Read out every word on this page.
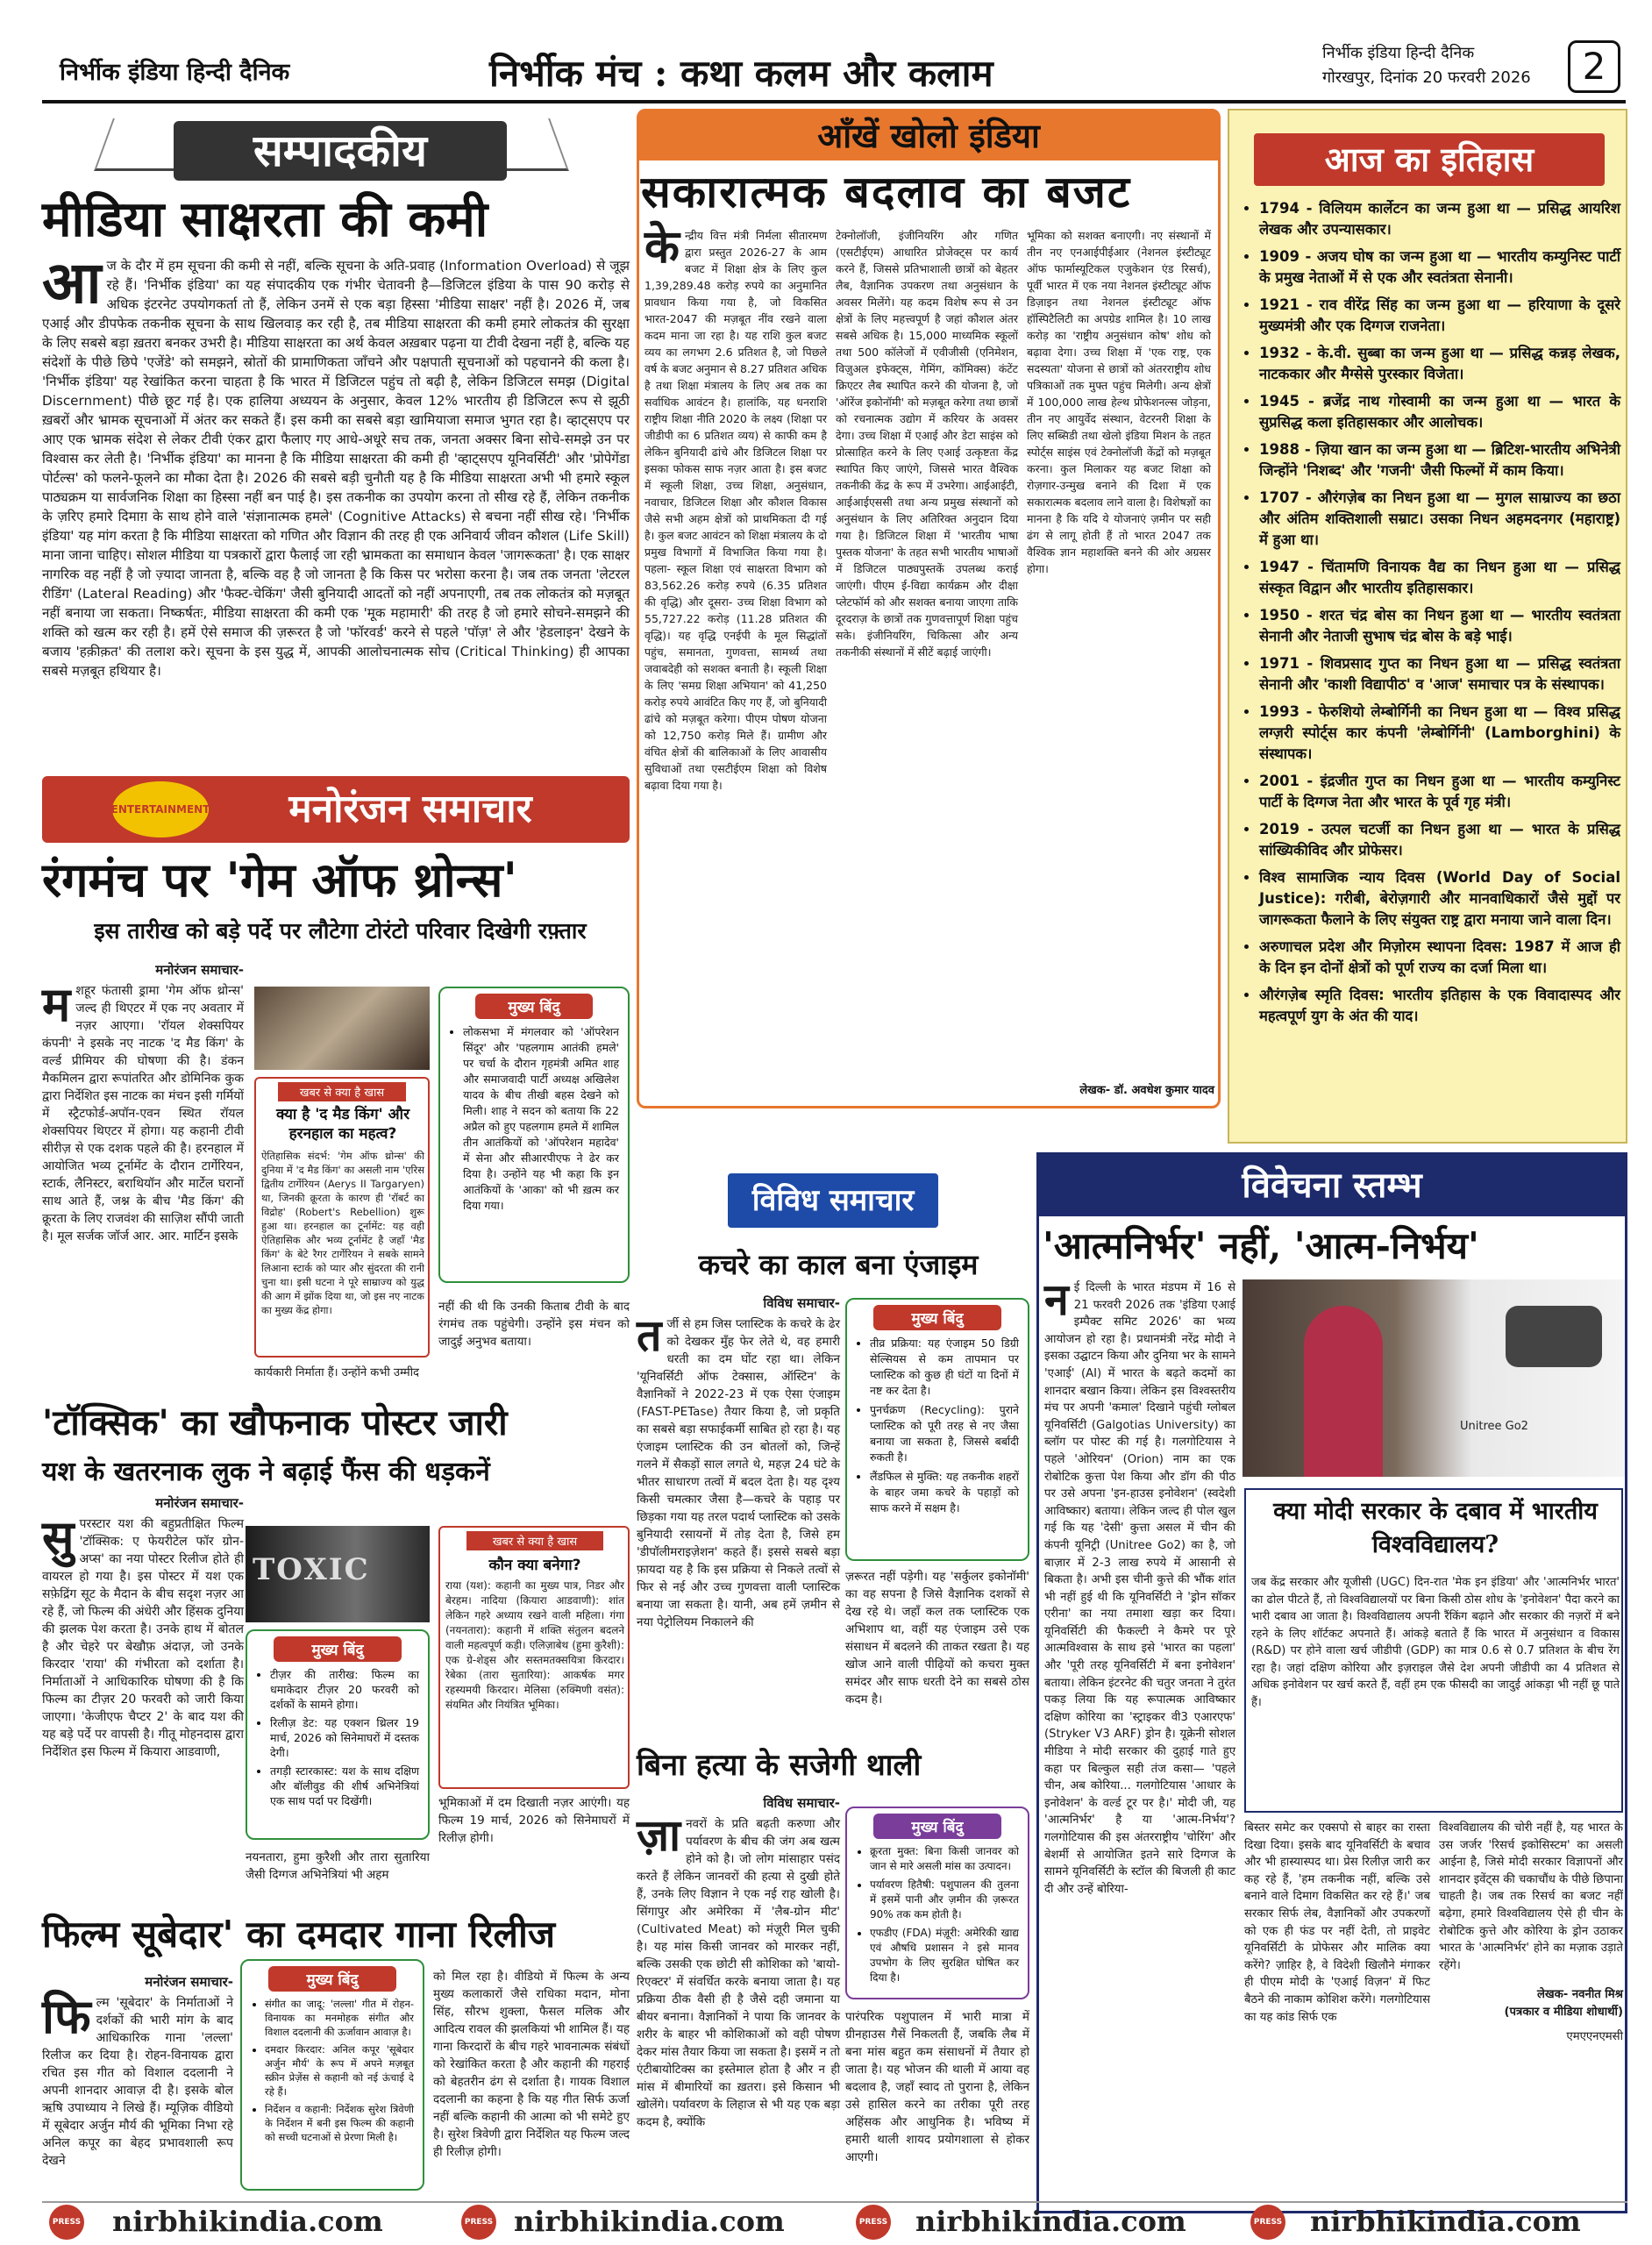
निर्भीक इंडिया हिन्दी दैनिक	निर्भीक मंच : कथा कलम और कलाम	निर्भीक इंडिया हिन्दी दैनिक
गोरखपुर, दिनांक 20 फरवरी 2026	2
सम्पादकीय
मीडिया साक्षरता की कमी
आज के दौर में हम सूचना की कमी से नहीं, बल्कि सूचना के अति-प्रवाह (Information Overload) से जूझ रहे हैं। 'निर्भीक इंडिया' का यह संपादकीय एक गंभीर चेतावनी है—डिजिटल इंडिया के पास 90 करोड़ से अधिक इंटरनेट उपयोगकर्ता तो हैं, लेकिन उनमें से एक बड़ा हिस्सा 'मीडिया साक्षर' नहीं है। 2026 में, जब एआई और डीपफेक तकनीक सूचना के साथ खिलवाड़ कर रही है, तब मीडिया साक्षरता की कमी हमारे लोकतंत्र की सुरक्षा के लिए सबसे बड़ा ख़तरा बनकर उभरी है। मीडिया साक्षरता का अर्थ केवल अख़बार पढ़ना या टीवी देखना नहीं है, बल्कि यह संदेशों के पीछे छिपे 'एजेंडे' को समझने, स्रोतों की प्रामाणिकता जाँचने और पक्षपाती सूचनाओं को पहचानने की कला है। 'निर्भीक इंडिया' यह रेखांकित करना चाहता है कि भारत में डिजिटल पहुंच तो बढ़ी है, लेकिन डिजिटल समझ (Digital Discernment) पीछे छूट गई है। एक हालिया अध्ययन के अनुसार, केवल 12% भारतीय ही डिजिटल रूप से झूठी ख़बरों और भ्रामक सूचनाओं में अंतर कर सकते हैं। इस कमी का सबसे बड़ा खामियाजा समाज भुगत रहा है। व्हाट्सएप पर आए एक भ्रामक संदेश से लेकर टीवी एंकर द्वारा फैलाए गए आधे-अधूरे सच तक, जनता अक्सर बिना सोचे-समझे उन पर विश्वास कर लेती है। 'निर्भीक इंडिया' का मानना है कि मीडिया साक्षरता की कमी ही 'व्हाट्सएप यूनिवर्सिटी' और 'प्रोपेगेंडा पोर्टल्स' को फलने-फूलने का मौका देता है। 2026 की सबसे बड़ी चुनौती यह है कि मीडिया साक्षरता अभी भी हमारे स्कूल पाठ्यक्रम या सार्वजनिक शिक्षा का हिस्सा नहीं बन पाई है। इस तकनीक का उपयोग करना तो सीख रहे हैं, लेकिन तकनीक के ज़रिए हमारे दिमाग़ के साथ होने वाले 'संज्ञानात्मक हमले' (Cognitive Attacks) से बचना नहीं सीख रहे। 'निर्भीक इंडिया' यह मांग करता है कि मीडिया साक्षरता को गणित और विज्ञान की तरह ही एक अनिवार्य जीवन कौशल (Life Skill) माना जाना चाहिए। सोशल मीडिया या पत्रकारों द्वारा फैलाई जा रही भ्रामकता का समाधान केवल 'जागरूकता' है। एक साक्षर नागरिक वह नहीं है जो ज़्यादा जानता है, बल्कि वह है जो जानता है कि किस पर भरोसा करना है। जब तक जनता 'लेटरल रीडिंग' (Lateral Reading) और 'फैक्ट-चेकिंग' जैसी बुनियादी आदतों को नहीं अपनाएगी, तब तक लोकतंत्र को मज़बूत नहीं बनाया जा सकता। निष्कर्षतः, मीडिया साक्षरता की कमी एक 'मूक महामारी' की तरह है जो हमारे सोचने-समझने की शक्ति को खत्म कर रही है। हमें ऐसे समाज की ज़रूरत है जो 'फॉरवर्ड' करने से पहले 'पॉज़' ले और 'हेडलाइन' देखने के बजाय 'हक़ीक़त' की तलाश करे। सूचना के इस युद्ध में, आपकी आलोचनात्मक सोच (Critical Thinking) ही आपका सबसे मज़बूत हथियार है।
ENTERTAINMENT	मनोरंजन समाचार
रंगमंच पर 'गेम ऑफ थ्रोन्स'
इस तारीख को बड़े पर्दे पर लौटेगा टोरंटो परिवार दिखेगी रफ़्तार
मनोरंजन समाचार-
म शहूर फंतासी ड्रामा 'गेम ऑफ थ्रोन्स' जल्द ही थिएटर में एक नए अवतार में नज़र आएगा। 'रॉयल शेक्सपियर कंपनी' ने इसके नए नाटक 'द मैड किंग' के वर्ल्ड प्रीमियर की घोषणा की है। डंकन मैकमिलन द्वारा रूपांतरित और डोमिनिक कुक द्वारा निर्देशित इस नाटक का मंचन इसी गर्मियों में स्ट्रैटफोर्ड-अपॉन-एवन स्थित रॉयल शेक्सपियर थिएटर में होगा। यह कहानी टीवी सीरीज़ से एक दशक पहले की है। हरनहाल में आयोजित भव्य टूर्नामेंट के दौरान टार्गेरियन, स्टार्क, लैनिस्टर, बराथियॉन और मार्टेल घरानों साथ आते हैं, जश्न के बीच 'मैड किंग' की क्रूरता के लिए राजवंश की साज़िश सौंपी जाती है। मूल सर्जक जॉर्ज आर. आर. मार्टिन इसके
खबर से क्या है खास
क्या है 'द मैड किंग' और हरनहाल का महत्व?
ऐतिहासिक संदर्भ: 'गेम ऑफ थ्रोन्स' की दुनिया में 'द मैड किंग' का असली नाम 'एरिस द्वितीय टार्गेरियन (Aerys II Targaryen) था, जिनकी क्रूरता के कारण ही 'रॉबर्ट का विद्रोह' (Robert's Rebellion) शुरू हुआ था। हरनहाल का टूर्नामेंट: यह वही ऐतिहासिक और भव्य टूर्नामेंट है जहाँ 'मैड किंग' के बेटे रैगर टार्गेरियन ने सबके सामने लिआना स्टार्क को प्यार और सुंदरता की रानी चुना था। इसी घटना ने पूरे साम्राज्य को युद्ध की आग में झोंक दिया था, जो इस नए नाटक का मुख्य केंद्र होगा।
मुख्य बिंदु
• लोकसभा में मंगलवार को 'ऑपरेशन सिंदूर' और 'पहलगाम आतंकी हमले' पर चर्चा के दौरान गृहमंत्री अमित शाह और समाजवादी पार्टी अध्यक्ष अखिलेश यादव के बीच तीखी बहस देखने को मिली। शाह ने सदन को बताया कि 22 अप्रैल को हुए पहलगाम हमले में शामिल तीन आतंकियों को 'ऑपरेशन महादेव' में सेना और सीआरपीएफ ने ढेर कर दिया है। उन्होंने यह भी कहा कि इन आतंकियों के 'आका' को भी ख़त्म कर दिया गया।
नहीं की थी कि उनकी किताब टीवी के बाद रंगमंच तक पहुंचेगी। उन्होंने इस मंचन को जादुई अनुभव बताया।
कार्यकारी निर्माता हैं। उन्होंने कभी उम्मीद
'टॉक्सिक' का खौफनाक पोस्टर जारी
यश के खतरनाक लुक ने बढ़ाई फैंस की धड़कनें
मनोरंजन समाचार-
सु परस्टार यश की बहुप्रतीक्षित फिल्म 'टॉक्सिक: ए फेयरीटेल फॉर ग्रोन-अप्स' का नया पोस्टर रिलीज होते ही वायरल हो गया है। इस पोस्टर में यश एक सफ़ेद्रिंग सूट के मैदान के बीच सदृश नज़र आ रहे हैं, जो फिल्म की अंधेरी और हिंसक दुनिया की झलक पेश करता है। उनके हाथ में बोतल है और चेहरे पर बेखौफ़ अंदाज़, जो उनके किरदार 'राया' की गंभीरता को दर्शाता है। निर्माताओं ने आधिकारिक घोषणा की है कि फिल्म का टीज़र 20 फरवरी को जारी किया जाएगा। 'केजीएफ चैप्टर 2' के बाद यश की यह बड़े पर्दे पर वापसी है। गीतू मोहनदास द्वारा निर्देशित इस फिल्म में कियारा आडवाणी,
TOXIC
मुख्य बिंदु
• टीज़र की तारीख: फिल्म का धमाकेदार टीज़र 20 फरवरी को दर्शकों के सामने होगा।
• रिलीज़ डेट: यह एक्शन थ्रिलर 19 मार्च, 2026 को सिनेमाघरों में दस्तक देगी।
• तगड़ी स्टारकास्ट: यश के साथ दक्षिण और बॉलीवुड की शीर्ष अभिनेत्रियां एक साथ पर्दा पर दिखेंगी।
खबर से क्या है खास
कौन क्या बनेगा?
राया (यश): कहानी का मुख्य पात्र, निडर और बेरहम। नादिया (कियारा आडवाणी): शांत लेकिन गहरे अध्याय रखने वाली महिला। गंगा (नयनतारा): कहानी में शक्ति संतुलन बदलने वाली महत्वपूर्ण कड़ी। एलिज़ाबेथ (हुमा कुरैशी): एक ग्रे-शेड्स और सस्तमतक्सयित्रा किरदार। रेबेका (तारा सुतारिया): आकर्षक मगर रहस्यमयी किरदार। मेलिसा (रुक्मिणी वसंत): संयमित और नियंत्रित भूमिका।
नयनतारा, हुमा कुरैशी और तारा सुतारिया जैसी दिग्गज अभिनेत्रियां भी अहम
भूमिकाओं में दम दिखाती नज़र आएंगी। यह फिल्म 19 मार्च, 2026 को सिनेमाघरों में रिलीज़ होगी।
फिल्म सूबेदार' का दमदार गाना रिलीज
मनोरंजन समाचार-
फि ल्म 'सूबेदार' के निर्माताओं ने दर्शकों की भारी मांग के बाद आधिकारिक गाना 'लल्ला' रिलीज कर दिया है। रोहन-विनायक द्वारा रचित इस गीत को विशाल ददलानी ने अपनी शानदार आवाज़ दी है। इसके बोल ऋषि उपाध्याय ने लिखे हैं। म्यूज़िक वीडियो में सूबेदार अर्जुन मौर्य की भूमिका निभा रहे अनिल कपूर का बेहद प्रभावशाली रूप देखने
मुख्य बिंदु
• संगीत का जादू: 'लल्ला' गीत में रोहन-विनायक का मनमोहक संगीत और विशाल ददलानी की ऊर्जावान आवाज़ है।
• दमदार किरदार: अनिल कपूर 'सूबेदार अर्जुन मौर्य' के रूप में अपने मज़बूत स्क्रीन प्रेज़ेंस से कहानी को नई ऊंचाई दे रहे हैं।
• निर्देशन व कहानी: निर्देशक सुरेश त्रिवेणी के निर्देशन में बनी इस फिल्म की कहानी को सच्ची घटनाओं से प्रेरणा मिली है।
को मिल रहा है। वीडियो में फिल्म के अन्य मुख्य कलाकारों जैसे राधिका मदान, मोना सिंह, सौरभ शुक्ला, फैसल मलिक और आदित्य रावल की झलकियां भी शामिल हैं। यह गाना किरदारों के बीच गहरे भावनात्मक संबंधों को रेखांकित करता है और कहानी की गहराई को बेहतरीन ढंग से दर्शाता है। गायक विशाल ददलानी का कहना है कि यह गीत सिर्फ ऊर्जा नहीं बल्कि कहानी की आत्मा को भी समेटे हुए है। सुरेश त्रिवेणी द्वारा निर्देशित यह फिल्म जल्द ही रिलीज़ होगी।
आँखें खोलो इंडिया
सकारात्मक बदलाव का बजट
केन्द्रीय वित्त मंत्री निर्मला सीतारमण द्वारा प्रस्तुत 2026-27 के आम बजट में शिक्षा क्षेत्र के लिए कुल 1,39,289.48 करोड़ रुपये का अनुमानित प्रावधान किया गया है, जो विकसित भारत-2047 की मज़बूत नींव रखने वाला कदम माना जा रहा है। यह राशि कुल बजट व्यय का लगभग 2.6 प्रतिशत है, जो पिछले वर्ष के बजट अनुमान से 8.27 प्रतिशत अधिक है तथा शिक्षा मंत्रालय के लिए अब तक का सर्वाधिक आवंटन है। हालांकि, यह धनराशि राष्ट्रीय शिक्षा नीति 2020 के लक्ष्य (शिक्षा पर जीडीपी का 6 प्रतिशत व्यय) से काफी कम है लेकिन बुनियादी ढांचे और डिजिटल शिक्षा पर इसका फोकस साफ नज़र आता है। इस बजट में स्कूली शिक्षा, उच्च शिक्षा, अनुसंधान, नवाचार, डिजिटल शिक्षा और कौशल विकास जैसे सभी अहम क्षेत्रों को प्राथमिकता दी गई है। कुल बजट आवंटन को शिक्षा मंत्रालय के दो प्रमुख विभागों में विभाजित किया गया है। पहला- स्कूल शिक्षा एवं साक्षरता विभाग को 83,562.26 करोड़ रुपये (6.35 प्रतिशत की वृद्धि) और दूसरा- उच्च शिक्षा विभाग को 55,727.22 करोड़ (11.28 प्रतिशत की वृद्धि)। यह वृद्धि एनईपी के मूल सिद्धांतों पहुंच, समानता, गुणवत्ता, सामर्थ्य तथा जवाबदेही को सशक्त बनाती है। स्कूली शिक्षा के लिए 'समग्र शिक्षा अभियान' को 41,250 करोड़ रुपये आवंटित किए गए हैं, जो बुनियादी ढांचे को मज़बूत करेगा। पीएम पोषण योजना को 12,750 करोड़ मिले हैं। ग्रामीण और वंचित क्षेत्रों की बालिकाओं के लिए आवासीय सुविधाओं तथा एसटीईएम शिक्षा को विशेष बढ़ावा दिया गया है।
टेक्नोलॉजी, इंजीनियरिंग और गणित (एसटीईएम) आधारित प्रोजेक्ट्स पर कार्य करने हैं, जिससे प्रतिभाशाली छात्रों को बेहतर लैब, वैज्ञानिक उपकरण तथा अनुसंधान के अवसर मिलेंगे। यह कदम विशेष रूप से उन क्षेत्रों के लिए महत्त्वपूर्ण है जहां कौशल अंतर सबसे अधिक है। 15,000 माध्यमिक स्कूलों तथा 500 कॉलेजों में एवीजीसी (एनिमेशन, विज़ुअल इफेक्ट्स, गेमिंग, कॉमिक्स) कंटेंट क्रिएटर लैब स्थापित करने की योजना है, जो 'ऑरेंज इकोनॉमी' को मज़बूत करेगा तथा छात्रों को रचनात्मक उद्योग में करियर के अवसर देगा। उच्च शिक्षा में एआई और डेटा साइंस को प्रोत्साहित करने के लिए एआई उत्कृष्टता केंद्र स्थापित किए जाएंगे, जिससे भारत वैश्विक तकनीकी केंद्र के रूप में उभरेगा। आईआईटी, आईआईएससी तथा अन्य प्रमुख संस्थानों को अनुसंधान के लिए अतिरिक्त अनुदान दिया गया है। डिजिटल शिक्षा में 'भारतीय भाषा पुस्तक योजना' के तहत सभी भारतीय भाषाओं में डिजिटल पाठ्यपुस्तकें उपलब्ध कराई जाएंगी। पीएम ई-विद्या कार्यक्रम और दीक्षा प्लेटफॉर्म को और सशक्त बनाया जाएगा ताकि दूरदराज़ के छात्रों तक गुणवत्तापूर्ण शिक्षा पहुंच सके। इंजीनियरिंग, चिकित्सा और अन्य तकनीकी संस्थानों में सीटें बढ़ाई जाएंगी।
भूमिका को सशक्त बनाएगी। नए संस्थानों में तीन नए एनआईपीईआर (नेशनल इंस्टीट्यूट ऑफ फार्मास्यूटिकल एजुकेशन एंड रिसर्च), पूर्वी भारत में एक नया नेशनल इंस्टीट्यूट ऑफ डिज़ाइन तथा नेशनल इंस्टीट्यूट ऑफ हॉस्पिटैलिटी का अपग्रेड शामिल है। 10 लाख करोड़ का 'राष्ट्रीय अनुसंधान कोष' शोध को बढ़ावा देगा। उच्च शिक्षा में 'एक राष्ट्र, एक सदस्यता' योजना से छात्रों को अंतरराष्ट्रीय शोध पत्रिकाओं तक मुफ्त पहुंच मिलेगी। अन्य क्षेत्रों में 100,000 लाख हेल्थ प्रोफेशनल्स जोड़ना, तीन नए आयुर्वेद संस्थान, वेटरनरी शिक्षा के लिए सब्सिडी तथा खेलो इंडिया मिशन के तहत स्पोर्ट्स साइंस एवं टेक्नोलॉजी केंद्रों को मज़बूत करना। कुल मिलाकर यह बजट शिक्षा को रोज़गार-उन्मुख बनाने की दिशा में एक सकारात्मक बदलाव लाने वाला है। विशेषज्ञों का मानना है कि यदि ये योजनाएं ज़मीन पर सही ढंग से लागू होती हैं तो भारत 2047 तक वैश्विक ज्ञान महाशक्ति बनने की ओर अग्रसर होगा।
लेखक- डॉ. अवधेश कुमार यादव
आज का इतिहास
• 1794 - विलियम कार्लेटन का जन्म हुआ था — प्रसिद्ध आयरिश लेखक और उपन्यासकार।
• 1909 - अजय घोष का जन्म हुआ था — भारतीय कम्युनिस्ट पार्टी के प्रमुख नेताओं में से एक और स्वतंत्रता सेनानी।
• 1921 - राव वीरेंद्र सिंह का जन्म हुआ था — हरियाणा के दूसरे मुख्यमंत्री और एक दिग्गज राजनेता।
• 1932 - के.वी. सुब्बा का जन्म हुआ था — प्रसिद्ध कन्नड़ लेखक, नाटककार और मैग्सेसे पुरस्कार विजेता।
• 1945 - ब्रजेंद्र नाथ गोस्वामी का जन्म हुआ था — भारत के सुप्रसिद्ध कला इतिहासकार और आलोचक।
• 1988 - ज़िया खान का जन्म हुआ था — ब्रिटिश-भारतीय अभिनेत्री जिन्होंने 'निशब्द' और 'गजनी' जैसी फिल्मों में काम किया।
• 1707 - औरंगज़ेब का निधन हुआ था — मुगल साम्राज्य का छठा और अंतिम शक्तिशाली सम्राट। उसका निधन अहमदनगर (महाराष्ट्र) में हुआ था।
• 1947 - चिंतामणि विनायक वैद्य का निधन हुआ था — प्रसिद्ध संस्कृत विद्वान और भारतीय इतिहासकार।
• 1950 - शरत चंद्र बोस का निधन हुआ था — भारतीय स्वतंत्रता सेनानी और नेताजी सुभाष चंद्र बोस के बड़े भाई।
• 1971 - शिवप्रसाद गुप्त का निधन हुआ था — प्रसिद्ध स्वतंत्रता सेनानी और 'काशी विद्यापीठ' व 'आज' समाचार पत्र के संस्थापक।
• 1993 - फेरुशियो लेम्बोर्गिनी का निधन हुआ था — विश्व प्रसिद्ध लग्ज़री स्पोर्ट्स कार कंपनी 'लेम्बोर्गिनी' (Lamborghini) के संस्थापक।
• 2001 - इंद्रजीत गुप्त का निधन हुआ था — भारतीय कम्युनिस्ट पार्टी के दिग्गज नेता और भारत के पूर्व गृह मंत्री।
• 2019 - उत्पल चटर्जी का निधन हुआ था — भारत के प्रसिद्ध सांख्यिकीविद और प्रोफेसर।
• विश्व सामाजिक न्याय दिवस (World Day of Social Justice): गरीबी, बेरोज़गारी और मानवाधिकारों जैसे मुद्दों पर जागरूकता फैलाने के लिए संयुक्त राष्ट्र द्वारा मनाया जाने वाला दिन।
• अरुणाचल प्रदेश और मिज़ोरम स्थापना दिवस: 1987 में आज ही के दिन इन दोनों क्षेत्रों को पूर्ण राज्य का दर्जा मिला था।
• औरंगज़ेब स्मृति दिवस: भारतीय इतिहास के एक विवादास्पद और महत्वपूर्ण युग के अंत की याद।
विविध समाचार
कचरे का काल बना एंजाइम
विविध समाचार-
त र्जी से हम जिस प्लास्टिक के कचरे के ढेर को देखकर मुँह फेर लेते थे, वह हमारी धरती का दम घोंट रहा था। लेकिन 'यूनिवर्सिटी ऑफ टेक्सास, ऑस्टिन' के वैज्ञानिकों ने 2022-23 में एक ऐसा एंजाइम (FAST-PETase) तैयार किया है, जो प्रकृति का सबसे बड़ा सफाईकर्मी साबित हो रहा है। यह एंजाइम प्लास्टिक की उन बोतलों को, जिन्हें गलने में सैकड़ों साल लगते थे, महज़ 24 घंटे के भीतर साधारण तत्वों में बदल देता है। यह दृश्य किसी चमत्कार जैसा है—कचरे के पहाड़ पर छिड़का गया यह तरल पदार्थ प्लास्टिक को उसके बुनियादी रसायनों में तोड़ देता है, जिसे हम 'डीपॉलीमराइज़ेशन' कहते हैं। इससे सबसे बड़ा फ़ायदा यह है कि इस प्रक्रिया से निकले तत्वों से फिर से नई और उच्च गुणवत्ता वाली प्लास्टिक बनाया जा सकता है। यानी, अब हमें ज़मीन से नया पेट्रोलियम निकालने की
मुख्य बिंदु
• तीव्र प्रक्रिया: यह एंजाइम 50 डिग्री सेल्सियस से कम तापमान पर प्लास्टिक को कुछ ही घंटों या दिनों में नष्ट कर देता है।
• पुनर्चक्रण (Recycling): पुराने प्लास्टिक को पूरी तरह से नए जैसा बनाया जा सकता है, जिससे बर्बादी रुकती है।
• लैंडफिल से मुक्ति: यह तकनीक शहरों के बाहर जमा कचरे के पहाड़ों को साफ करने में सक्षम है।
ज़रूरत नहीं पड़ेगी। यह 'सर्कुलर इकोनॉमी' का वह सपना है जिसे वैज्ञानिक दशकों से देख रहे थे। जहाँ कल तक प्लास्टिक एक अभिशाप था, वहीं यह एंजाइम उसे एक संसाधन में बदलने की ताकत रखता है। यह खोज आने वाली पीढ़ियों को कचरा मुक्त समंदर और साफ धरती देने का सबसे ठोस कदम है।
बिना हत्या के सजेगी थाली
विविध समाचार-
ज़ा नवरों के प्रति बढ़ती करुणा और पर्यावरण के बीच की जंग अब खत्म होने को है। जो लोग मांसाहार पसंद करते हैं लेकिन जानवरों की हत्या से दुखी होते हैं, उनके लिए विज्ञान ने एक नई राह खोली है। सिंगापुर और अमेरिका में 'लैब-ग्रोन मीट' (Cultivated Meat) को मंज़ूरी मिल चुकी है। यह मांस किसी जानवर को मारकर नहीं, बल्कि उसकी एक छोटी सी कोशिका को 'बायो-रिएक्टर' में संवर्धित करके बनाया जाता है। यह प्रक्रिया ठीक वैसी ही है जैसे दही जमाना या बीयर बनाना। वैज्ञानिकों ने पाया कि जानवर के शरीर के बाहर भी कोशिकाओं को वही पोषण देकर मांस तैयार किया जा सकता है। इसमें न तो एंटीबायोटिक्स का इस्तेमाल होता है और न ही मांस में बीमारियों का ख़तरा। इसे किसान भी खोलेंगे। पर्यावरण के लिहाज से भी यह एक बड़ा कदम है, क्योंकि
मुख्य बिंदु
• क्रूरता मुक्त: बिना किसी जानवर को जान से मारे असली मांस का उत्पादन।
• पर्यावरण हितैषी: पशुपालन की तुलना में इसमें पानी और ज़मीन की ज़रूरत 90% तक कम होती है।
• एफडीए (FDA) मंज़ूरी: अमेरिकी खाद्य एवं औषधि प्रशासन ने इसे मानव उपभोग के लिए सुरक्षित घोषित कर दिया है।
पारंपरिक पशुपालन में भारी मात्रा में ग्रीनहाउस गैसें निकलती हैं, जबकि लैब में बना मांस बहुत कम संसाधनों में तैयार हो जाता है। यह भोजन की थाली में आया वह बदलाव है, जहाँ स्वाद तो पुराना है, लेकिन उसे हासिल करने का तरीका पूरी तरह अहिंसक और आधुनिक है। भविष्य में हमारी थाली शायद प्रयोगशाला से होकर आएगी।
विवेचना स्तम्भ
'आत्मनिर्भर' नहीं, 'आत्म-निर्भय'
नई दिल्ली के भारत मंडपम में 16 से 21 फरवरी 2026 तक 'इंडिया एआई इम्पैक्ट समिट 2026' का भव्य आयोजन हो रहा है। प्रधानमंत्री नरेंद्र मोदी ने इसका उद्घाटन किया और दुनिया भर के सामने 'एआई' (AI) में भारत के बढ़ते कदमों का शानदार बखान किया। लेकिन इस विश्वस्तरीय मंच पर अपनी 'कमाल' दिखाने पहुंची ग्लोबल यूनिवर्सिटी (Galgotias University) का ब्लॉग पर पोस्ट की गई है। गलगोटियास ने पहले 'ओरियन' (Orion) नाम का एक रोबोटिक कुत्ता पेश किया और डॉग की पीठ पर उसे अपना 'इन-हाउस इनोवेशन' (स्वदेशी आविष्कार) बताया। लेकिन जल्द ही पोल खुल गई कि यह 'देसी' कुत्ता असल में चीन की कंपनी यूनिट्री (Unitree Go2) का है, जो बाज़ार में 2-3 लाख रुपये में आसानी से बिकता है। अभी इस चीनी कुत्ते की भौंक शांत भी नहीं हुई थी कि यूनिवर्सिटी ने 'ड्रोन सॉकर एरीना' का नया तमाशा खड़ा कर दिया। यूनिवर्सिटी की फैकल्टी ने कैमरे पर पूरे आत्मविश्वास के साथ इसे 'भारत का पहला' और 'पूरी तरह यूनिवर्सिटी में बना इनोवेशन' बताया। लेकिन इंटरनेट की चतुर जनता ने तुरंत पकड़ लिया कि यह रूपात्मक आविष्कार दक्षिण कोरिया का 'स्ट्राइकर वी3 एआरएफ' (Stryker V3 ARF) ड्रोन है। यूक्रेनी सोशल मीडिया ने मोदी सरकार की दुहाई गाते हुए कहा पर बिल्कुल सही तंज कसा— 'पहले चीन, अब कोरिया... गलगोटियास 'आधार के इनोवेशन' के वर्ल्ड टूर पर है।' मोदी जी, यह 'आत्मनिर्भर' है या 'आत्म-निर्भय'? गलगोटियास की इस अंतरराष्ट्रीय 'चोरिंग' और बेशर्मी से आयोजित इतने सारे दिग्गज के सामने यूनिवर्सिटी के स्टॉल की बिजली ही काट दी और उन्हें बोरिया-
Unitree Go2
क्या मोदी सरकार के दबाव में भारतीय विश्वविद्यालय?
जब केंद्र सरकार और यूजीसी (UGC) दिन-रात 'मेक इन इंडिया' और 'आत्मनिर्भर भारत' का ढोल पीटते हैं, तो विश्वविद्यालयों पर बिना किसी ठोस शोध के 'इनोवेशन' पैदा करने का भारी दबाव आ जाता है। विश्वविद्यालय अपनी रैंकिंग बढ़ाने और सरकार की नज़रों में बने रहने के लिए शॉर्टकट अपनाते हैं। आंकड़े बताते हैं कि भारत में अनुसंधान व विकास (R&D) पर होने वाला खर्च जीडीपी (GDP) का मात्र 0.6 से 0.7 प्रतिशत के बीच रेंग रहा है। जहां दक्षिण कोरिया और इज़राइल जैसे देश अपनी जीडीपी का 4 प्रतिशत से अधिक इनोवेशन पर खर्च करते हैं, वहीं हम एक फीसदी का जादुई आंकड़ा भी नहीं छू पाते हैं।
बिस्तर समेट कर एक्सपो से बाहर का रास्ता दिखा दिया। इसके बाद यूनिवर्सिटी के बचाव और भी हास्यास्पद था। प्रेस रिलीज़ जारी कर कह रहे हैं, 'हम तकनीक नहीं, बल्कि उसे बनाने वाले दिमाग विकसित कर रहे हैं।' जब सरकार सिर्फ लेब, वैज्ञानिकों और उपकरणों को एक ही फंड पर नहीं देती, तो प्राइवेट यूनिवर्सिटी के प्रोफेसर और मालिक क्या करेंगे? ज़ाहिर है, वे विदेशी खिलौने मंगाकर ही पीएम मोदी के 'एआई विज़न' में फिट बैठने की नाकाम कोशिश करेंगे। गलगोटियास का यह कांड सिर्फ एक
विश्वविद्यालय की चोरी नहीं है, यह भारत के उस जर्जर 'रिसर्च इकोसिस्टम' का असली आईना है, जिसे मोदी सरकार विज्ञापनों और शानदार इवेंट्स की चकाचौंध के पीछे छिपाना चाहती है। जब तक रिसर्च का बजट नहीं बढ़ेगा, हमारे विश्वविद्यालय ऐसे ही चीन के रोबोटिक कुत्ते और कोरिया के ड्रोन उठाकर भारत के 'आत्मनिर्भर' होने का मज़ाक उड़ाते रहेंगे।
लेखक- नवनीत मिश्र
(पत्रकार व मीडिया शोधार्थी)
एमएएनएमसी
PRESS nirbhikindia.com	PRESS nirbhikindia.com	PRESS nirbhikindia.com	PRESS nirbhikindia.com
